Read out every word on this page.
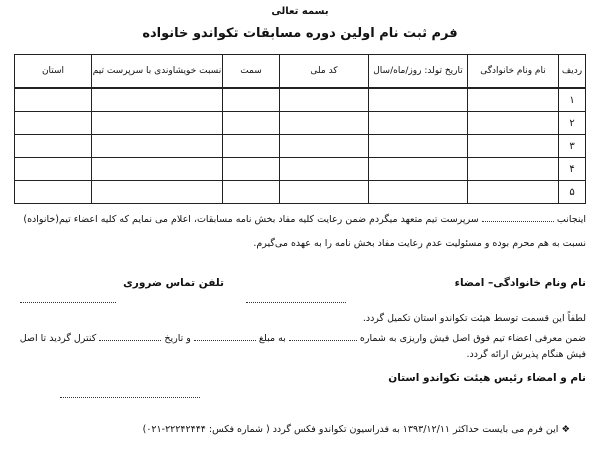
بسمه تعالی
فرم ثبت نام اولین دوره مسابقات تکواندو خانواده
ردیف	نام ونام خانوادگی	تاریخ تولد: روز/ماه/سال	کد ملی	سمت	نسبت خویشاوندی با سرپرست تیم	استان
۱						
۲						
۳						
۴						
۵						
اینجانب  سرپرست تیم متعهد میگردم ضمن رعایت کلیه مفاد بخش نامه مسابقات، اعلام می نمایم که کلیه اعضاء تیم(خانواده)
نسبت به هم محرم بوده و مسئولیت عدم رعایت مفاد بخش نامه را به عهده می‌گیرم.
نام ونام خانوادگی– امضاء
تلفن تماس ضروری
لطفاً این قسمت توسط هیئت تکواندو استان تکمیل گردد.
ضمن معرفی اعضاء تیم فوق اصل فیش واریزی به شماره  به مبلغ  و تاریخ  کنترل گردید تا اصل
فیش هنگام پذیرش ارائه گردد.
نام و امضاء رئیس هیئت تکواندو استان
❖ این فرم می بایست حداکثر ۱۳۹۳/۱۲/۱۱ به فدراسیون تکواندو فکس گردد ( شماره فکس: ۲۲۲۴۲۴۴۴-۰۲۱)
